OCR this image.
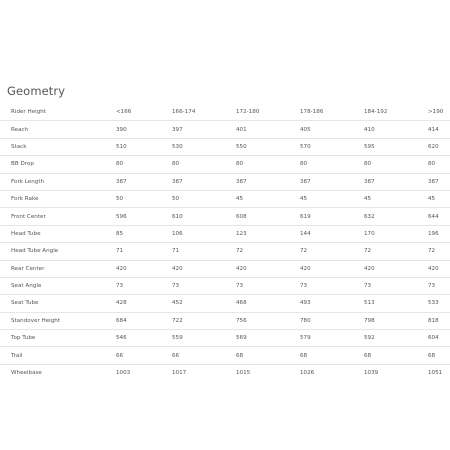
Geometry
Rider Height	<166	166-174	172-180	178-186	184-192	>190
Reach	390	397	401	405	410	414
Stack	510	530	550	570	595	620
BB Drop	80	80	80	80	80	80
Fork Length	387	387	387	387	387	387
Fork Rake	50	50	45	45	45	45
Front Center	596	610	608	619	632	644
Head Tube	85	106	123	144	170	196
Head Tube Angle	71	71	72	72	72	72
Rear Center	420	420	420	420	420	420
Seat Angle	73	73	73	73	73	73
Seat Tube	428	452	468	493	513	533
Standover Height	684	722	756	780	798	818
Top Tube	546	559	569	579	592	604
Trail	66	66	68	68	68	68
Wheelbase	1003	1017	1015	1026	1039	1051
